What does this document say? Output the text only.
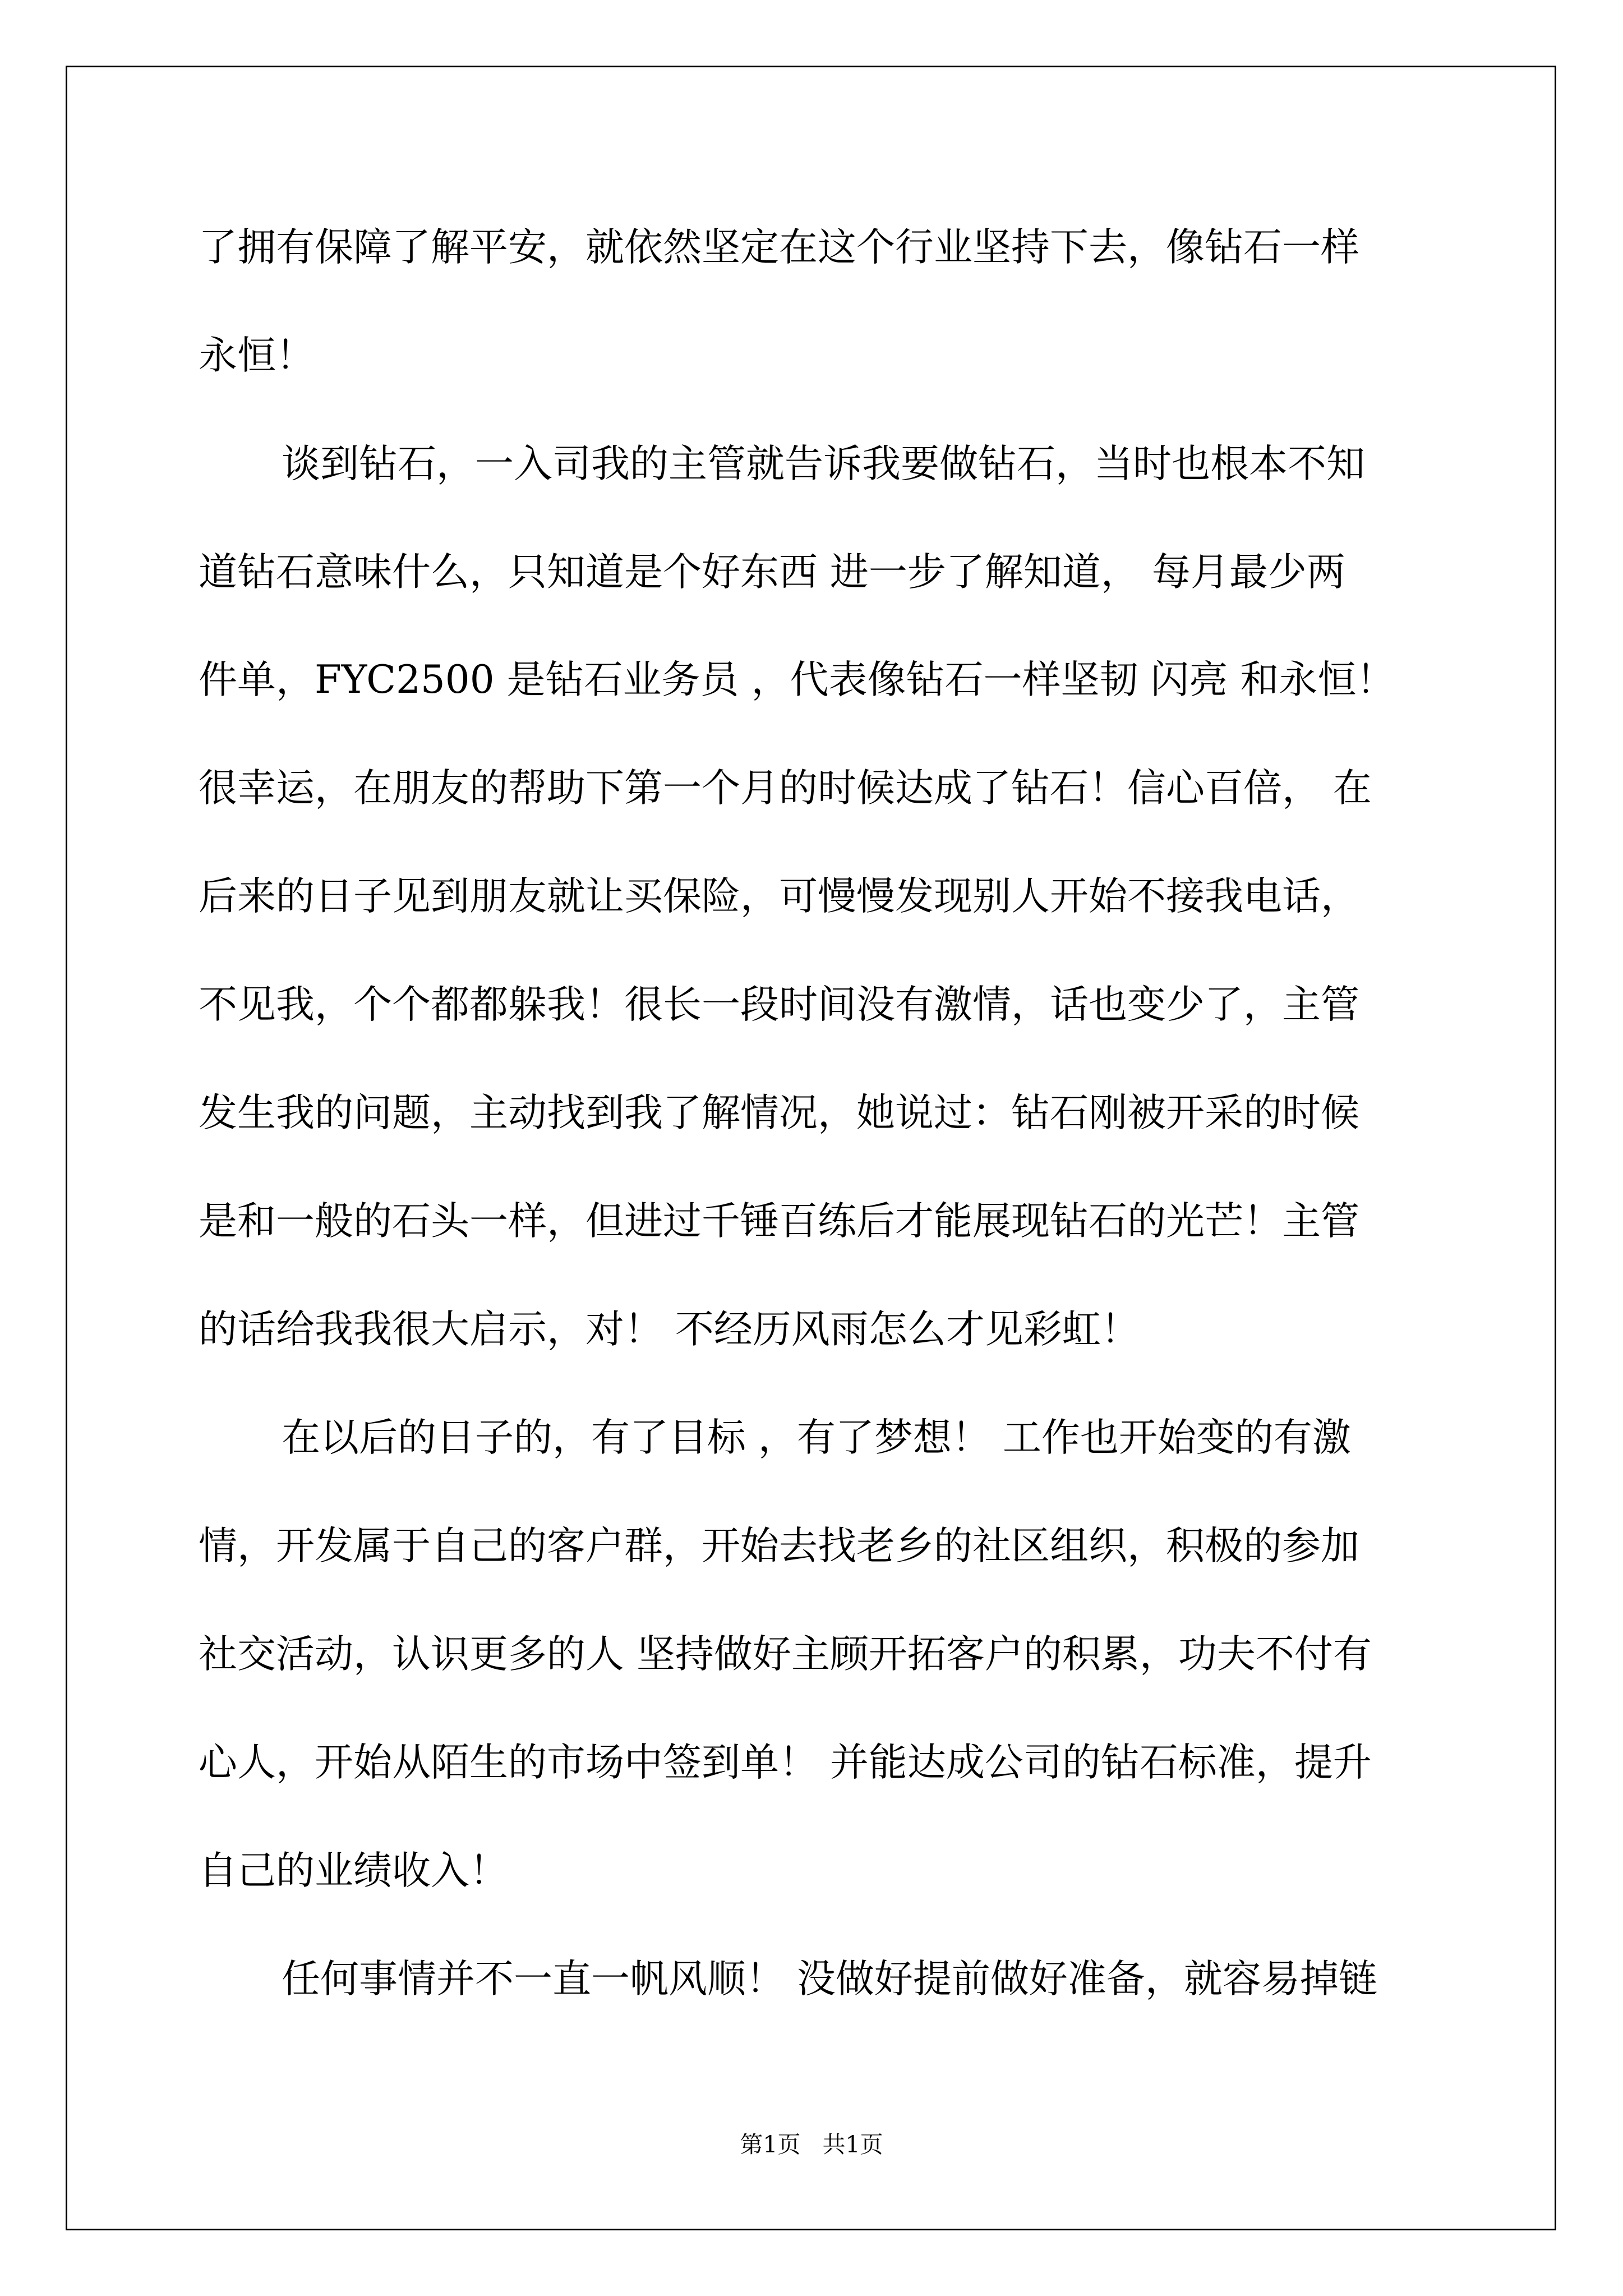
了拥有保障了解平安，就依然坚定在这个行业坚持下去，像钻石一样

永恒！

谈到钻石，一入司我的主管就告诉我要做钻石，当时也根本不知

道钻石意味什么，只知道是个好东西 进一步了解知道， 每月最少两

件单，FYC2500 是钻石业务员 ，代表像钻石一样坚韧 闪亮 和永恒！

很幸运，在朋友的帮助下第一个月的时候达成了钻石！信心百倍， 在

后来的日子见到朋友就让买保险，可慢慢发现别人开始不接我电话，

不见我，个个都都躲我！很长一段时间没有激情，话也变少了，主管

发生我的问题，主动找到我了解情况，她说过：钻石刚被开采的时候

是和一般的石头一样，但进过千锤百练后才能展现钻石的光芒！主管

的话给我我很大启示，对！ 不经历风雨怎么才见彩虹！

在以后的日子的，有了目标 ，有了梦想！ 工作也开始变的有激

情，开发属于自己的客户群，开始去找老乡的社区组织，积极的参加

社交活动，认识更多的人 坚持做好主顾开拓客户的积累，功夫不付有

心人，开始从陌生的市场中签到单！ 并能达成公司的钻石标准，提升

自己的业绩收入！

任何事情并不一直一帆风顺！ 没做好提前做好准备，就容易掉链

第1页   共1页
